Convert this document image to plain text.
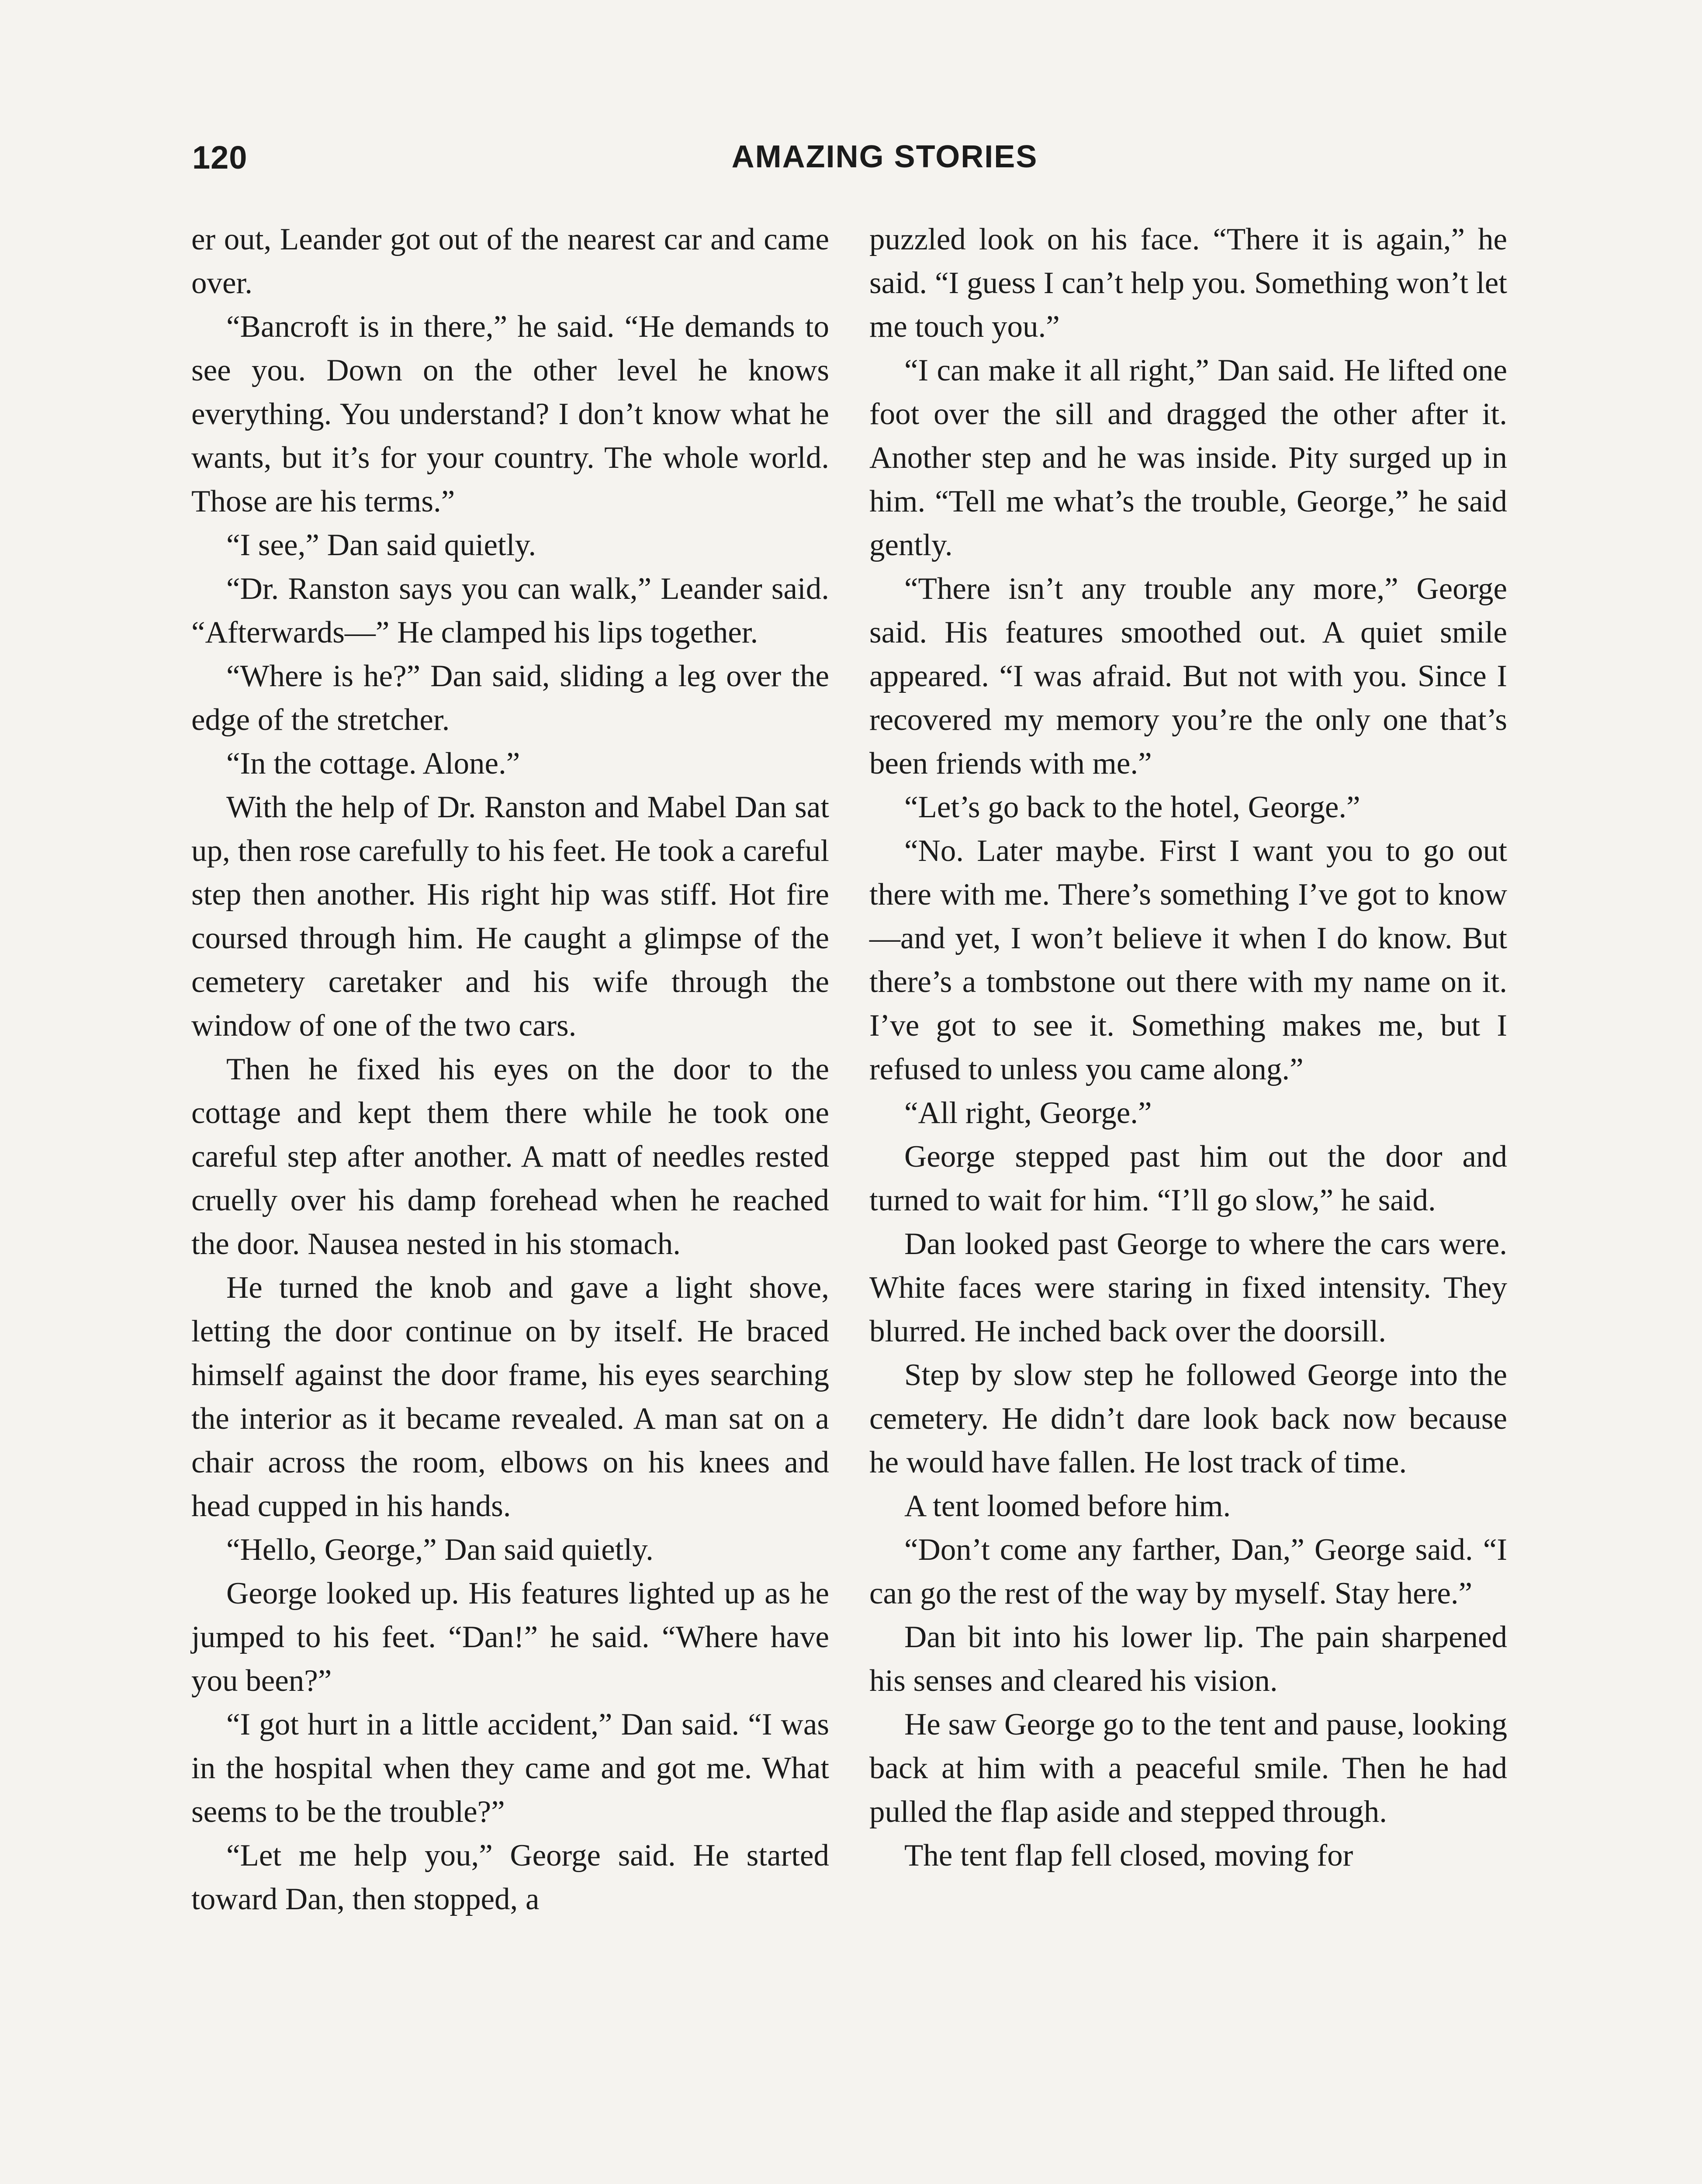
120	AMAZING STORIES

er out, Leander got out of the nearest car and came over.

“Bancroft is in there,” he said. “He demands to see you. Down on the other level he knows everything. You understand? I don’t know what he wants, but it’s for your country. The whole world. Those are his terms.”

“I see,” Dan said quietly.

“Dr. Ranston says you can walk,” Leander said. “Afterwards—” He clamped his lips together.

“Where is he?” Dan said, sliding a leg over the edge of the stretcher.

“In the cottage. Alone.”

With the help of Dr. Ranston and Mabel Dan sat up, then rose carefully to his feet. He took a careful step then another. His right hip was stiff. Hot fire coursed through him. He caught a glimpse of the cemetery caretaker and his wife through the window of one of the two cars.

Then he fixed his eyes on the door to the cottage and kept them there while he took one careful step after another. A matt of needles rested cruelly over his damp forehead when he reached the door. Nausea nested in his stomach.

He turned the knob and gave a light shove, letting the door continue on by itself. He braced himself against the door frame, his eyes searching the interior as it became revealed. A man sat on a chair across the room, elbows on his knees and head cupped in his hands.

“Hello, George,” Dan said quietly.

George looked up. His features lighted up as he jumped to his feet. “Dan!” he said. “Where have you been?”

“I got hurt in a little accident,” Dan said. “I was in the hospital when they came and got me. What seems to be the trouble?”

“Let me help you,” George said. He started toward Dan, then stopped, a

puzzled look on his face. “There it is again,” he said. “I guess I can’t help you. Something won’t let me touch you.”

“I can make it all right,” Dan said. He lifted one foot over the sill and dragged the other after it. Another step and he was inside. Pity surged up in him. “Tell me what’s the trouble, George,” he said gently.

“There isn’t any trouble any more,” George said. His features smoothed out. A quiet smile appeared. “I was afraid. But not with you. Since I recovered my memory you’re the only one that’s been friends with me.”

“Let’s go back to the hotel, George.”

“No. Later maybe. First I want you to go out there with me. There’s something I’ve got to know—and yet, I won’t believe it when I do know. But there’s a tombstone out there with my name on it. I’ve got to see it. Something makes me, but I refused to unless you came along.”

“All right, George.”

George stepped past him out the door and turned to wait for him. “I’ll go slow,” he said.

Dan looked past George to where the cars were. White faces were staring in fixed intensity. They blurred. He inched back over the doorsill.

Step by slow step he followed George into the cemetery. He didn’t dare look back now because he would have fallen. He lost track of time.

A tent loomed before him.

“Don’t come any farther, Dan,” George said. “I can go the rest of the way by myself. Stay here.”

Dan bit into his lower lip. The pain sharpened his senses and cleared his vision.

He saw George go to the tent and pause, looking back at him with a peaceful smile. Then he had pulled the flap aside and stepped through.

The tent flap fell closed, moving for
